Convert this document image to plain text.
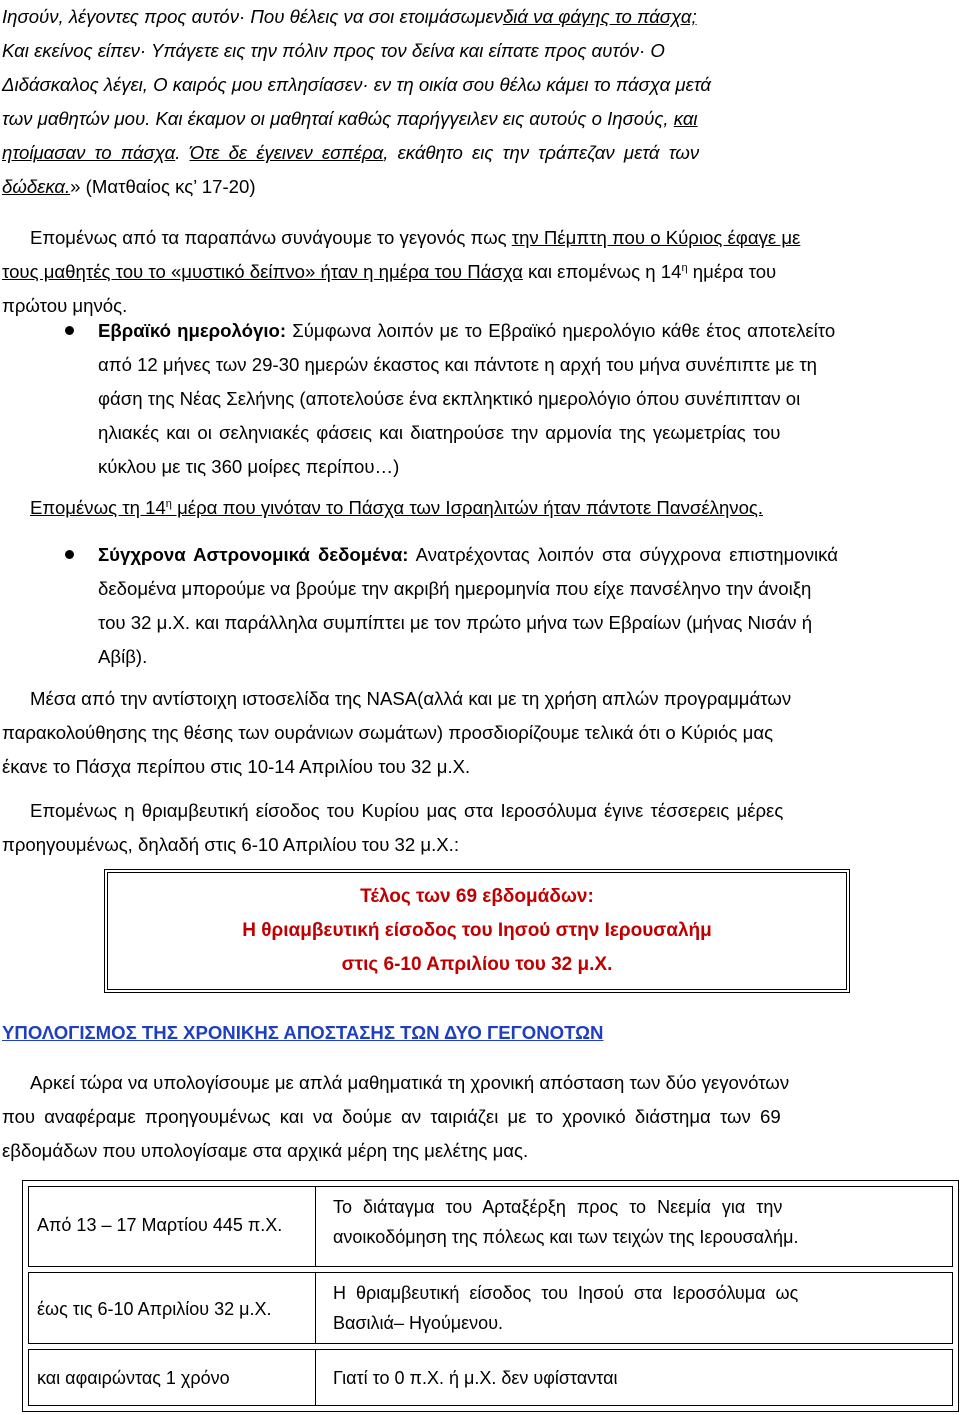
Ιησούν, λέγοντες προς αυτόν· Που θέλεις να σοι ετοιμάσωμενδιά να φάγης το πάσχα;
Και εκείνος είπεν· Υπάγετε εις την πόλιν προς τον δείνα και είπατε προς αυτόν· Ο
Διδάσκαλος λέγει, Ο καιρός μου επλησίασεν· εν τη οικία σου θέλω κάμει το πάσχα μετά
των μαθητών μου. Και έκαμον οι μαθηταί καθώς παρήγγειλεν εις αυτούς ο Ιησούς, και
ητοίμασαν το πάσχα. Ότε δε έγεινεν εσπέρα, εκάθητο εις την τράπεζαν μετά των
δώδεκα.» (Ματθαίος κς’ 17-20)
Επομένως από τα παραπάνω συνάγουμε το γεγονός πως την Πέμπτη που ο Κύριος έφαγε με
τους μαθητές του το «μυστικό δείπνο» ήταν η ημέρα του Πάσχα και επομένως η $14^\eta$ ημέρα του
πρώτου μηνός.
Εβραϊκό ημερολόγιο: Σύμφωνα λοιπόν με το Εβραϊκό ημερολόγιο κάθε έτος αποτελείτο
από 12 μήνες των 29-30 ημερών έκαστος και πάντοτε η αρχή του μήνα συνέπιπτε με τη
φάση της Νέας Σελήνης (αποτελούσε ένα εκπληκτικό ημερολόγιο όπου συνέπιπταν οι
ηλιακές και οι σεληνιακές φάσεις και διατηρούσε την αρμονία της γεωμετρίας του
κύκλου με τις 360 μοίρες περίπου…)
Επομένως τη $14^\eta$ μέρα που γινόταν το Πάσχα των Ισραηλιτών ήταν πάντοτε Πανσέληνος.
Σύγχρονα Αστρονομικά δεδομένα: Ανατρέχοντας λοιπόν στα σύγχρονα επιστημονικά
δεδομένα μπορούμε να βρούμε την ακριβή ημερομηνία που είχε πανσέληνο την άνοιξη
του 32 μ.Χ. και παράλληλα συμπίπτει με τον πρώτο μήνα των Εβραίων (μήνας Νισάν ή
Αβίβ).
Μέσα από την αντίστοιχη ιστοσελίδα της NASA(αλλά και με τη χρήση απλών προγραμμάτων
παρακολούθησης της θέσης των ουράνιων σωμάτων) προσδιορίζουμε τελικά ότι ο Κύριός μας
έκανε το Πάσχα περίπου στις 10-14 Απριλίου του 32 μ.Χ.
Επομένως η θριαμβευτική είσοδος του Κυρίου μας στα Ιεροσόλυμα έγινε τέσσερεις μέρες
προηγουμένως, δηλαδή στις 6-10 Απριλίου του 32 μ.Χ.:
Τέλος των 69 εβδομάδων:
Η θριαμβευτική είσοδος του Ιησού στην Ιερουσαλήμ
στις 6-10 Απριλίου του 32 μ.Χ.
ΥΠΟΛΟΓΙΣΜΟΣ ΤΗΣ ΧΡΟΝΙΚΗΣ ΑΠΟΣΤΑΣΗΣ ΤΩΝ ΔΥΟ ΓΕΓΟΝΟΤΩΝ
Αρκεί τώρα να υπολογίσουμε με απλά μαθηματικά τη χρονική απόσταση των δύο γεγονότων
που αναφέραμε προηγουμένως και να δούμε αν ταιριάζει με το χρονικό διάστημα των 69
εβδομάδων που υπολογίσαμε στα αρχικά μέρη της μελέτης μας.
Από 13 – 17 Μαρτίου 445 π.Χ.
Το διάταγμα του Αρταξέρξη προς το Νεεμία για την
ανοικοδόμηση της πόλεως και των τειχών της Ιερουσαλήμ.
έως τις 6-10 Απριλίου 32 μ.Χ.
Η θριαμβευτική είσοδος του Ιησού στα Ιεροσόλυμα ως
Βασιλιά– Ηγούμενου.
και αφαιρώντας 1 χρόνο	Γιατί το 0 π.Χ. ή μ.Χ. δεν υφίστανται
